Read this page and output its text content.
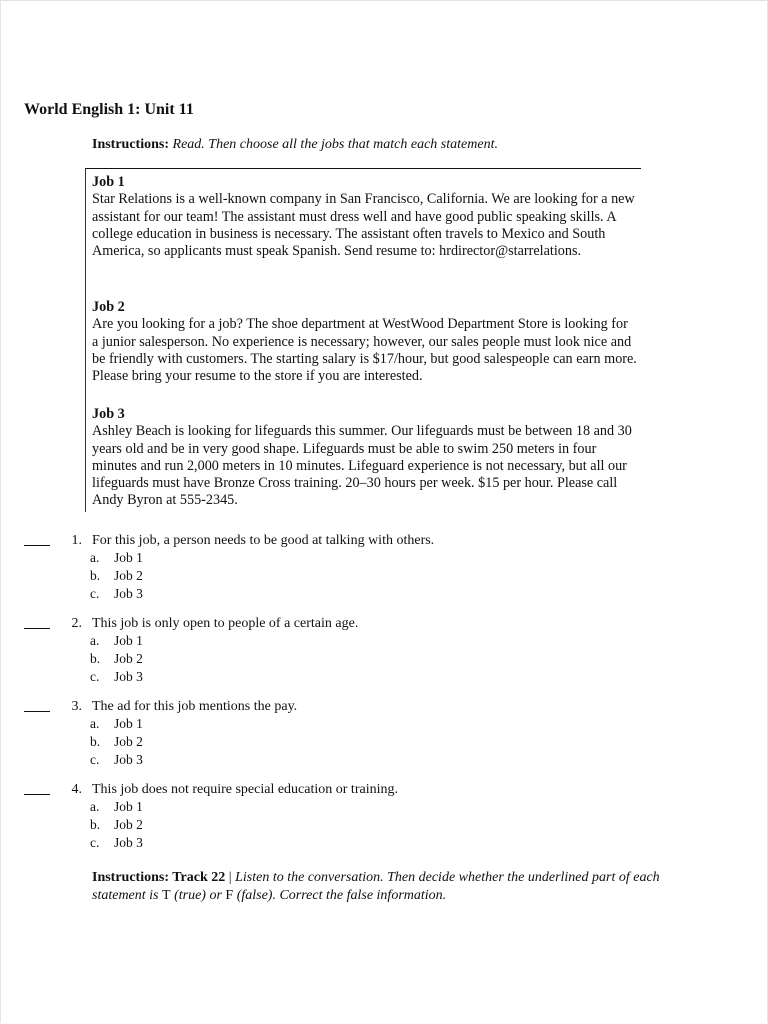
World English 1: Unit 11
Instructions: Read. Then choose all the jobs that match each statement.
Job 1
Star Relations is a well-known company in San Francisco, California. We are looking for a new assistant for our team! The assistant must dress well and have good public speaking skills. A college education in business is necessary. The assistant often travels to Mexico and South America, so applicants must speak Spanish. Send resume to: hrdirector@starrelations.
Job 2
Are you looking for a job? The shoe department at WestWood Department Store is looking for a junior salesperson. No experience is necessary; however, our sales people must look nice and be friendly with customers. The starting salary is $17/hour, but good salespeople can earn more. Please bring your resume to the store if you are interested.
Job 3
Ashley Beach is looking for lifeguards this summer. Our lifeguards must be between 18 and 30 years old and be in very good shape. Lifeguards must be able to swim 250 meters in four minutes and run 2,000 meters in 10 minutes. Lifeguard experience is not necessary, but all our lifeguards must have Bronze Cross training. 20–30 hours per week. $15 per hour. Please call Andy Byron at 555-2345.
1. For this job, a person needs to be good at talking with others.
a. Job 1
b. Job 2
c. Job 3
2. This job is only open to people of a certain age.
a. Job 1
b. Job 2
c. Job 3
3. The ad for this job mentions the pay.
a. Job 1
b. Job 2
c. Job 3
4. This job does not require special education or training.
a. Job 1
b. Job 2
c. Job 3
Instructions: Track 22 | Listen to the conversation. Then decide whether the underlined part of each statement is T (true) or F (false). Correct the false information.
